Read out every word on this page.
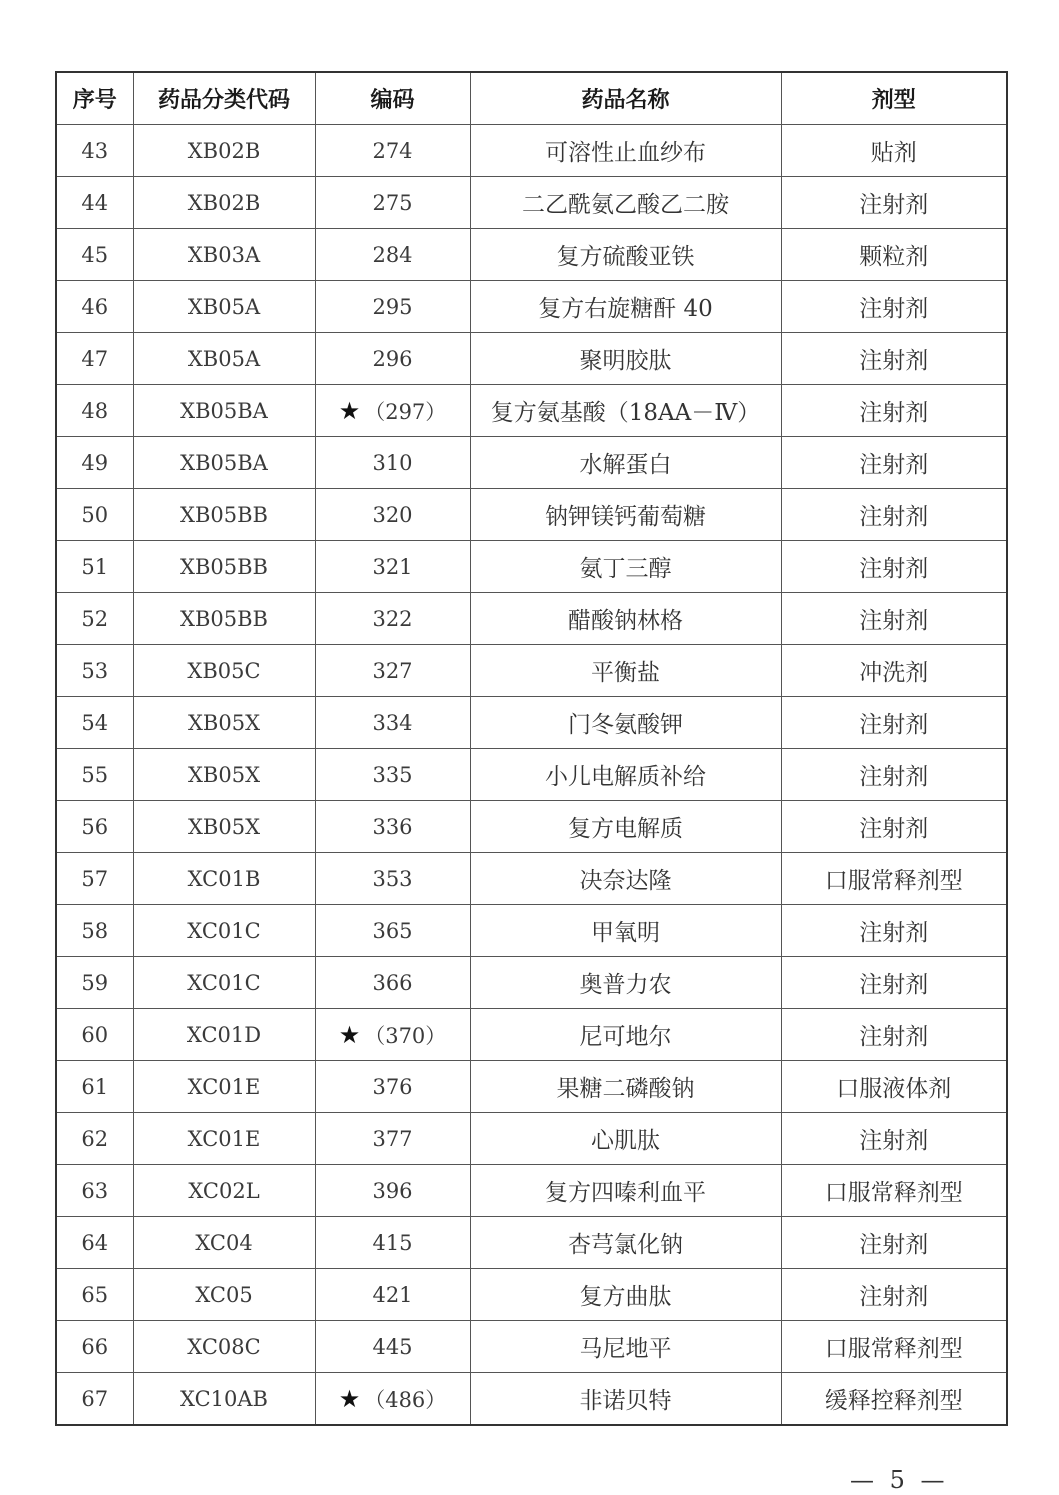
序号	药品分类代码	编码	药品名称	剂型
43	XB02B	274	可溶性止血纱布	贴剂
44	XB02B	275	二乙酰氨乙酸乙二胺	注射剂
45	XB03A	284	复方硫酸亚铁	颗粒剂
46	XB05A	295	复方右旋糖酐 40	注射剂
47	XB05A	296	聚明胶肽	注射剂
48	XB05BA	★ （297）	复方氨基酸（18AA－Ⅳ）	注射剂
49	XB05BA	310	水解蛋白	注射剂
50	XB05BB	320	钠钾镁钙葡萄糖	注射剂
51	XB05BB	321	氨丁三醇	注射剂
52	XB05BB	322	醋酸钠林格	注射剂
53	XB05C	327	平衡盐	冲洗剂
54	XB05X	334	门冬氨酸钾	注射剂
55	XB05X	335	小儿电解质补给	注射剂
56	XB05X	336	复方电解质	注射剂
57	XC01B	353	决奈达隆	口服常释剂型
58	XC01C	365	甲氧明	注射剂
59	XC01C	366	奥普力农	注射剂
60	XC01D	★ （370）	尼可地尔	注射剂
61	XC01E	376	果糖二磷酸钠	口服液体剂
62	XC01E	377	心肌肽	注射剂
63	XC02L	396	复方四嗪利血平	口服常释剂型
64	XC04	415	杏芎氯化钠	注射剂
65	XC05	421	复方曲肽	注射剂
66	XC08C	445	马尼地平	口服常释剂型
67	XC10AB	★ （486）	非诺贝特	缓释控释剂型
— 5 —
